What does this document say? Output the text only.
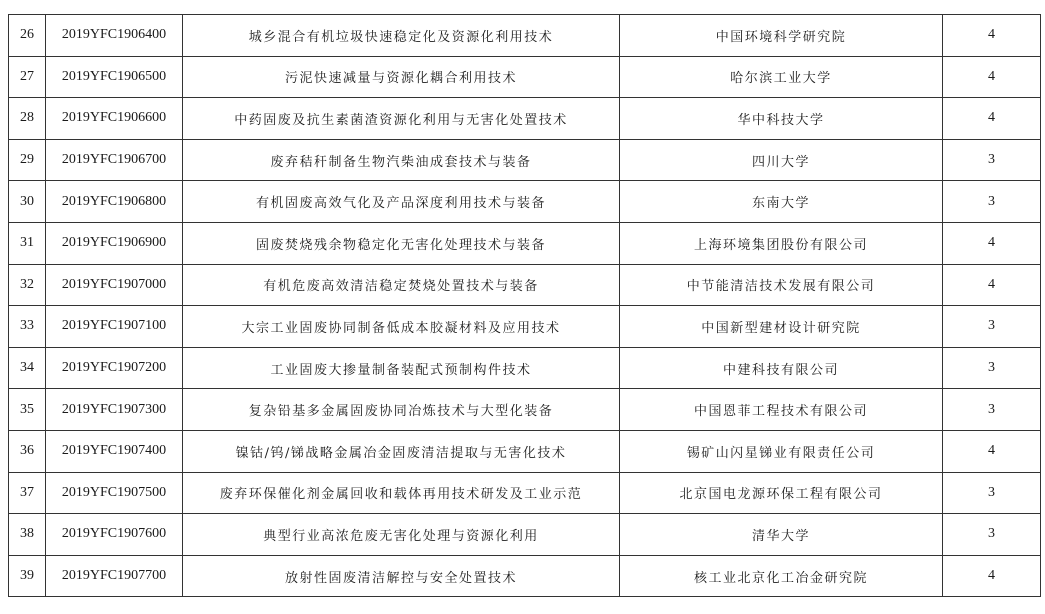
26	2019YFC1906400	城乡混合有机垃圾快速稳定化及资源化利用技术	中国环境科学研究院	4
27	2019YFC1906500	污泥快速减量与资源化耦合利用技术	哈尔滨工业大学	4
28	2019YFC1906600	中药固废及抗生素菌渣资源化利用与无害化处置技术	华中科技大学	4
29	2019YFC1906700	废弃秸秆制备生物汽柴油成套技术与装备	四川大学	3
30	2019YFC1906800	有机固废高效气化及产品深度利用技术与装备	东南大学	3
31	2019YFC1906900	固废焚烧残余物稳定化无害化处理技术与装备	上海环境集团股份有限公司	4
32	2019YFC1907000	有机危废高效清洁稳定焚烧处置技术与装备	中节能清洁技术发展有限公司	4
33	2019YFC1907100	大宗工业固废协同制备低成本胶凝材料及应用技术	中国新型建材设计研究院	3
34	2019YFC1907200	工业固废大掺量制备装配式预制构件技术	中建科技有限公司	3
35	2019YFC1907300	复杂铅基多金属固废协同冶炼技术与大型化装备	中国恩菲工程技术有限公司	3
36	2019YFC1907400	镍钴/钨/锑战略金属冶金固废清洁提取与无害化技术	锡矿山闪星锑业有限责任公司	4
37	2019YFC1907500	废弃环保催化剂金属回收和载体再用技术研发及工业示范	北京国电龙源环保工程有限公司	3
38	2019YFC1907600	典型行业高浓危废无害化处理与资源化利用	清华大学	3
39	2019YFC1907700	放射性固废清洁解控与安全处置技术	核工业北京化工冶金研究院	4
